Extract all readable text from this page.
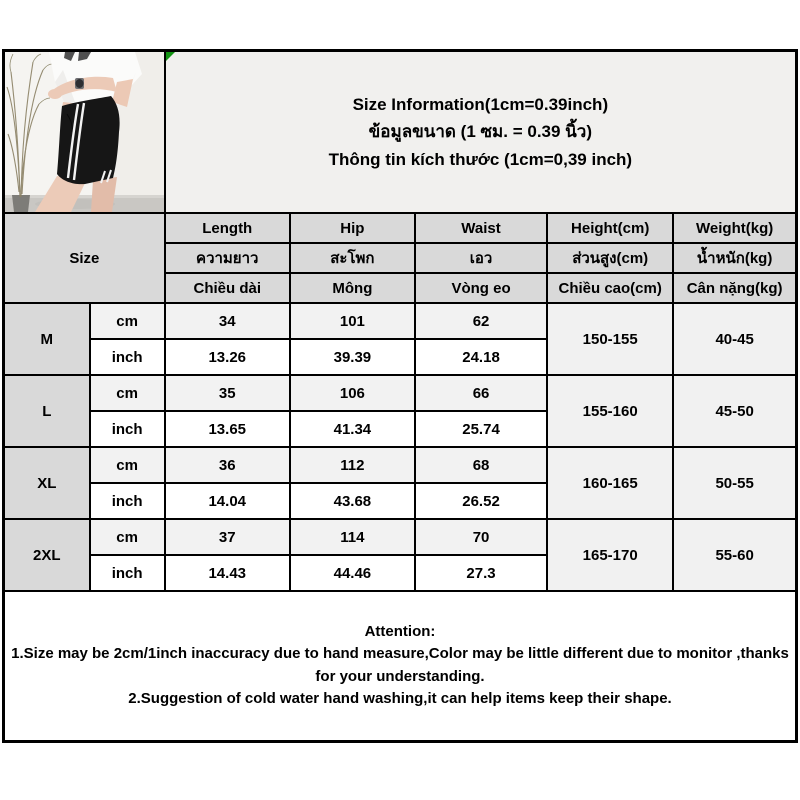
Size Information(1cm=0.39inch)
ข้อมูลขนาด (1 ซม. = 0.39 นิ้ว)
Thông tin kích thước (1cm=0,39 inch)				

Size		Length	Hip	Waist	Height(cm)	Weight(kg)
		ความยาว	สะโพก	เอว	ส่วนสูง(cm)	น้ำหนัก(kg)
		Chiều dài	Mông	Vòng eo	Chiều cao(cm)	Cân nặng(kg)
M	cm	34	101	62	150-155	40-45
	inch	13.26	39.39	24.18		
L	cm	35	106	66	155-160	45-50
	inch	13.65	41.34	25.74		
XL	cm	36	112	68	160-165	50-55
	inch	14.04	43.68	26.52		
2XL	cm	37	114	70	165-170	55-60
	inch	14.43	44.46	27.3		

Attention:
1.Size may be 2cm/1inch inaccuracy due to hand measure,Color may be little different due to monitor ,thanks for your understanding.
2.Suggestion of cold water hand washing,it can help items keep their shape.						
